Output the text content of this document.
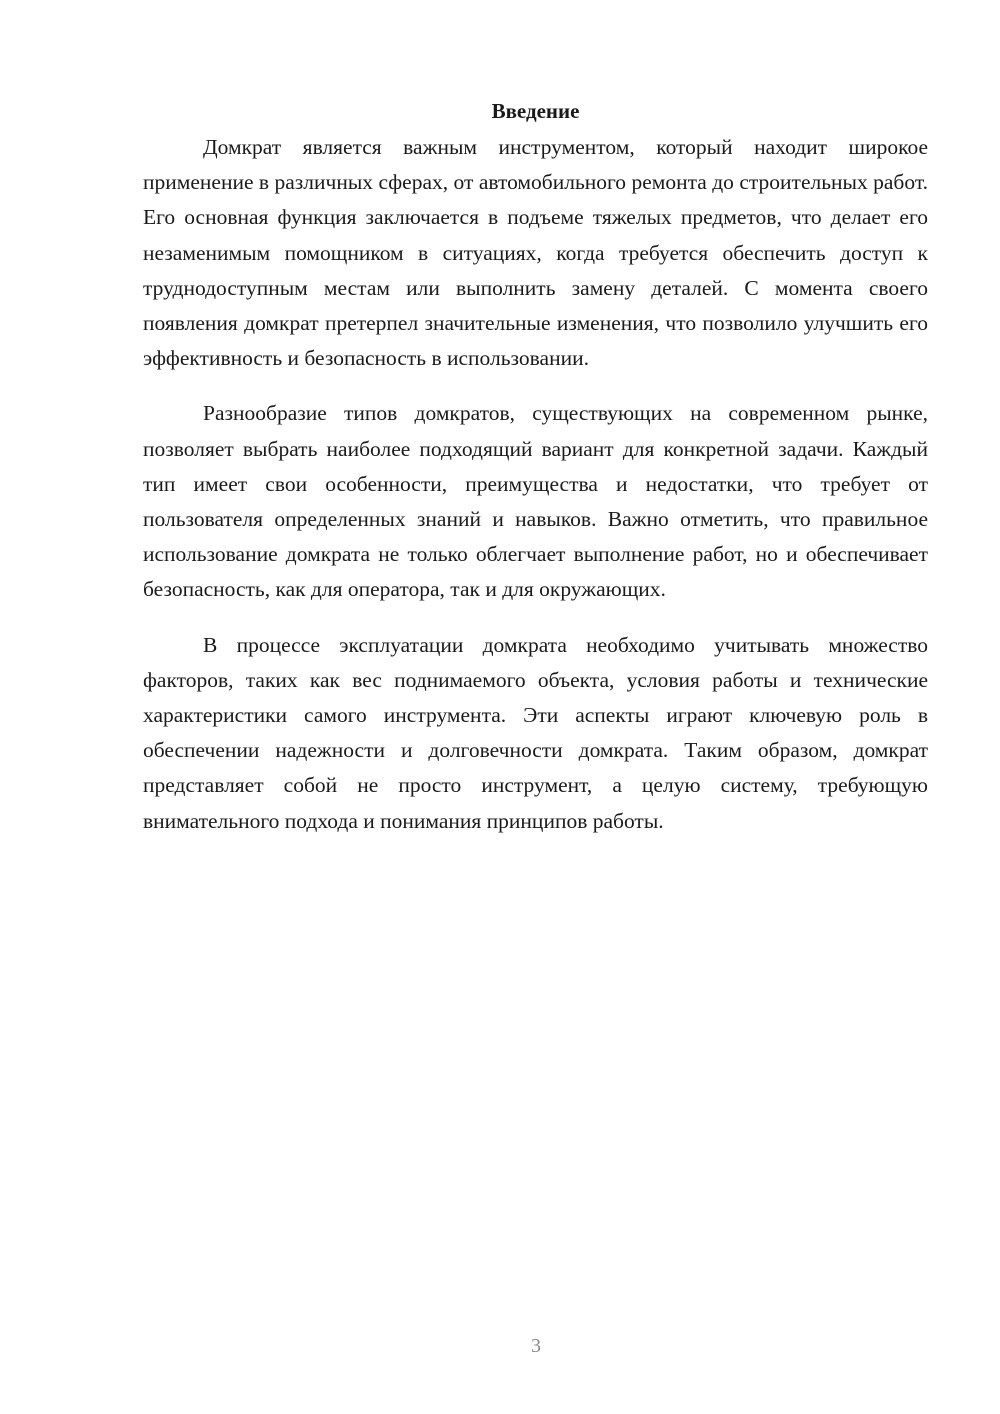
Введение

Домкрат является важным инструментом, который находит широкое применение в различных сферах, от автомобильного ремонта до строительных работ. Его основная функция заключается в подъеме тяжелых предметов, что делает его незаменимым помощником в ситуациях, когда требуется обеспечить доступ к труднодоступным местам или выполнить замену деталей. С момента своего появления домкрат претерпел значительные изменения, что позволило улучшить его эффективность и безопасность в использовании.

Разнообразие типов домкратов, существующих на современном рынке, позволяет выбрать наиболее подходящий вариант для конкретной задачи. Каждый тип имеет свои особенности, преимущества и недостатки, что требует от пользователя определенных знаний и навыков. Важно отметить, что правильное использование домкрата не только облегчает выполнение работ, но и обеспечивает безопасность, как для оператора, так и для окружающих.

В процессе эксплуатации домкрата необходимо учитывать множество факторов, таких как вес поднимаемого объекта, условия работы и технические характеристики самого инструмента. Эти аспекты играют ключевую роль в обеспечении надежности и долговечности домкрата. Таким образом, домкрат представляет собой не просто инструмент, а целую систему, требующую внимательного подхода и понимания принципов работы.

3
